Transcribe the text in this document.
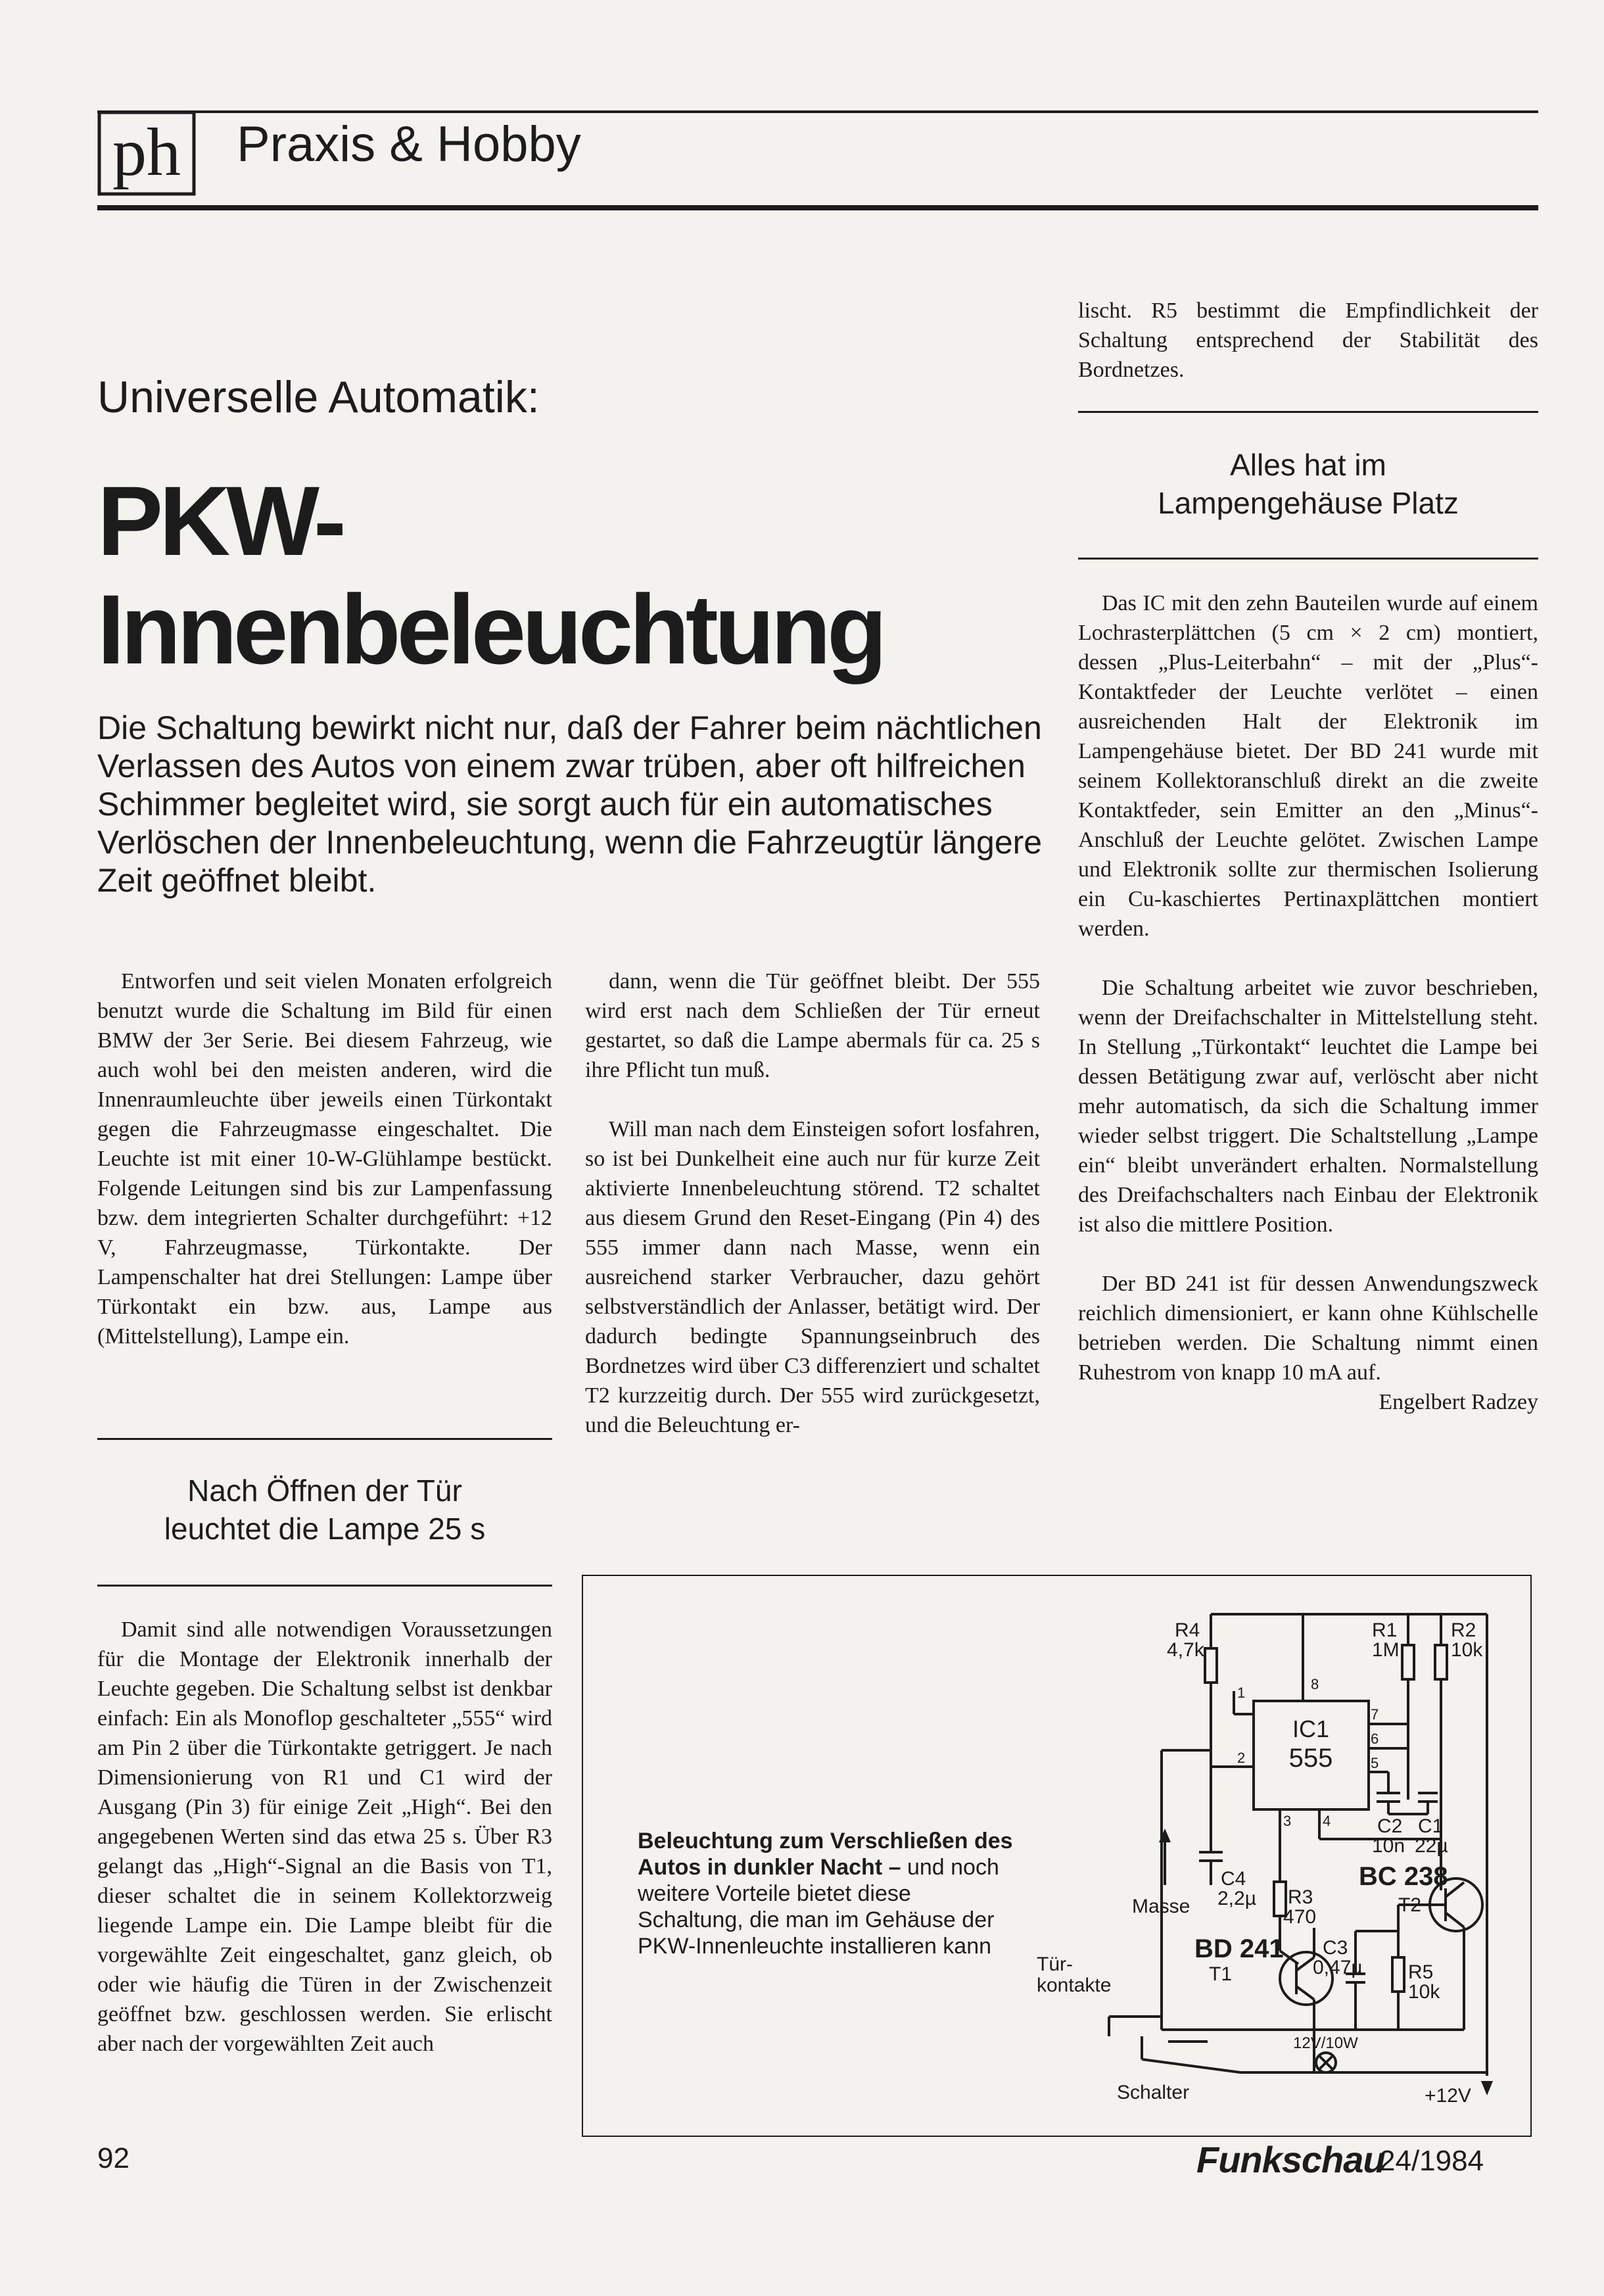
ph Praxis & Hobby
Universelle Automatik:
PKW-
Innenbeleuchtung
Die Schaltung bewirkt nicht nur, daß der Fahrer beim nächtlichen Verlassen des Autos von einem zwar trüben, aber oft hilfreichen Schimmer begleitet wird, sie sorgt auch für ein automatisches Verlöschen der Innenbeleuchtung, wenn die Fahrzeugtür längere Zeit geöffnet bleibt.

Entworfen und seit vielen Monaten erfolgreich benutzt wurde die Schaltung im Bild für einen BMW der 3er Serie. Bei diesem Fahrzeug, wie auch wohl bei den meisten anderen, wird die Innenraumleuchte über jeweils einen Türkontakt gegen die Fahrzeugmasse eingeschaltet. Die Leuchte ist mit einer 10-W-Glühlampe bestückt. Folgende Leitungen sind bis zur Lampenfassung bzw. dem integrierten Schalter durchgeführt: +12 V, Fahrzeugmasse, Türkontakte. Der Lampenschalter hat drei Stellungen: Lampe über Türkontakt ein bzw. aus, Lampe aus (Mittelstellung), Lampe ein.

Nach Öffnen der Tür
leuchtet die Lampe 25 s

Damit sind alle notwendigen Voraussetzungen für die Montage der Elektronik innerhalb der Leuchte gegeben. Die Schaltung selbst ist denkbar einfach: Ein als Monoflop geschalteter „555“ wird am Pin 2 über die Türkontakte getriggert. Je nach Dimensionierung von R1 und C1 wird der Ausgang (Pin 3) für einige Zeit „High“. Bei den angegebenen Werten sind das etwa 25 s. Über R3 gelangt das „High“-Signal an die Basis von T1, dieser schaltet die in seinem Kollektorzweig liegende Lampe ein. Die Lampe bleibt für die vorgewählte Zeit eingeschaltet, ganz gleich, ob oder wie häufig die Türen in der Zwischenzeit geöffnet bzw. geschlossen werden. Sie erlischt aber nach der vorgewählten Zeit auch

dann, wenn die Tür geöffnet bleibt. Der 555 wird erst nach dem Schließen der Tür erneut gestartet, so daß die Lampe abermals für ca. 25 s ihre Pflicht tun muß.

Will man nach dem Einsteigen sofort losfahren, so ist bei Dunkelheit eine auch nur für kurze Zeit aktivierte Innenbeleuchtung störend. T2 schaltet aus diesem Grund den Reset-Eingang (Pin 4) des 555 immer dann nach Masse, wenn ein ausreichend starker Verbraucher, dazu gehört selbstverständlich der Anlasser, betätigt wird. Der dadurch bedingte Spannungseinbruch des Bordnetzes wird über C3 differenziert und schaltet T2 kurzzeitig durch. Der 555 wird zurückgesetzt, und die Beleuchtung er-

lischt. R5 bestimmt die Empfindlichkeit der Schaltung entsprechend der Stabilität des Bordnetzes.

Alles hat im
Lampengehäuse Platz

Das IC mit den zehn Bauteilen wurde auf einem Lochrasterplättchen (5 cm × 2 cm) montiert, dessen „Plus-Leiterbahn“ – mit der „Plus“-Kontaktfeder der Leuchte verlötet – einen ausreichenden Halt der Elektronik im Lampengehäuse bietet. Der BD 241 wurde mit seinem Kollektoranschluß direkt an die zweite Kontaktfeder, sein Emitter an den „Minus“-Anschluß der Leuchte gelötet. Zwischen Lampe und Elektronik sollte zur thermischen Isolierung ein Cu-kaschiertes Pertinaxplättchen montiert werden.

Die Schaltung arbeitet wie zuvor beschrieben, wenn der Dreifachschalter in Mittelstellung steht. In Stellung „Türkontakt“ leuchtet die Lampe bei dessen Betätigung zwar auf, verlöscht aber nicht mehr automatisch, da sich die Schaltung immer wieder selbst triggert. Die Schaltstellung „Lampe ein“ bleibt unverändert erhalten. Normalstellung des Dreifachschalters nach Einbau der Elektronik ist also die mittlere Position.

Der BD 241 ist für dessen Anwendungszweck reichlich dimensioniert, er kann ohne Kühlschelle betrieben werden. Die Schaltung nimmt einen Ruhestrom von knapp 10 mA auf.

Engelbert Radzey

R4
4,7k
R1
1M
R2
10k
8
7
6
5
4
3
2
1
IC1
555
C2
10n
C1
22µ
C4
2,2µ R3
470
BC 238
T2
Masse
BD 241
T1
C3
0,47µ R5
10k
Tür-
kontakte
12V/10W
Schalter	+12V
Beleuchtung zum Verschließen des Autos in dunkler Nacht – und noch weitere Vorteile bietet diese Schaltung, die man im Gehäuse der PKW-Innenleuchte installieren kann
92	Funkschau
24/1984
